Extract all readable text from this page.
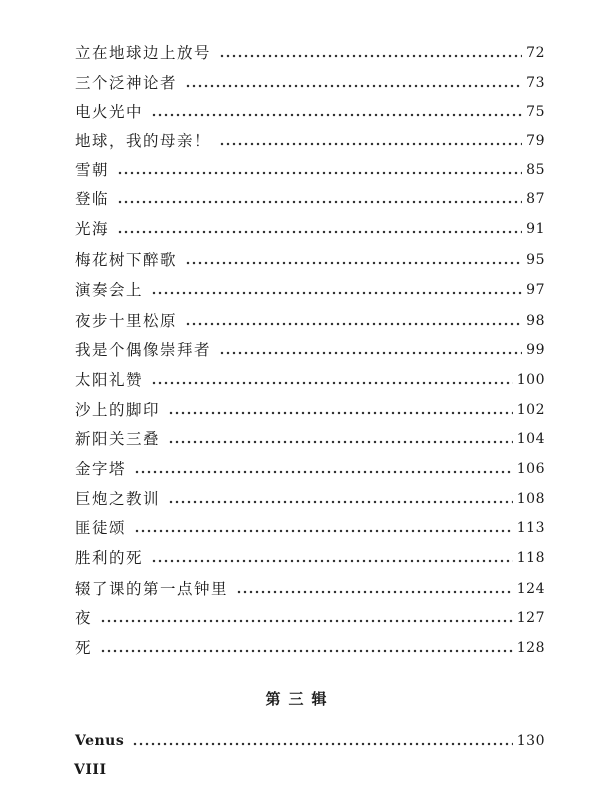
立在地球边上放号	72
三个泛神论者	73
电火光中	75
地球，我的母亲！	79
雪朝	85
登临	87
光海	91
梅花树下醉歌	95
演奏会上	97
夜步十里松原	98
我是个偶像崇拜者	99
太阳礼赞	100
沙上的脚印	102
新阳关三叠	104
金字塔	106
巨炮之教训	108
匪徒颂	113
胜利的死	118
辍了课的第一点钟里	124
夜	127
死	128
第三辑
Venus	130
VIII
